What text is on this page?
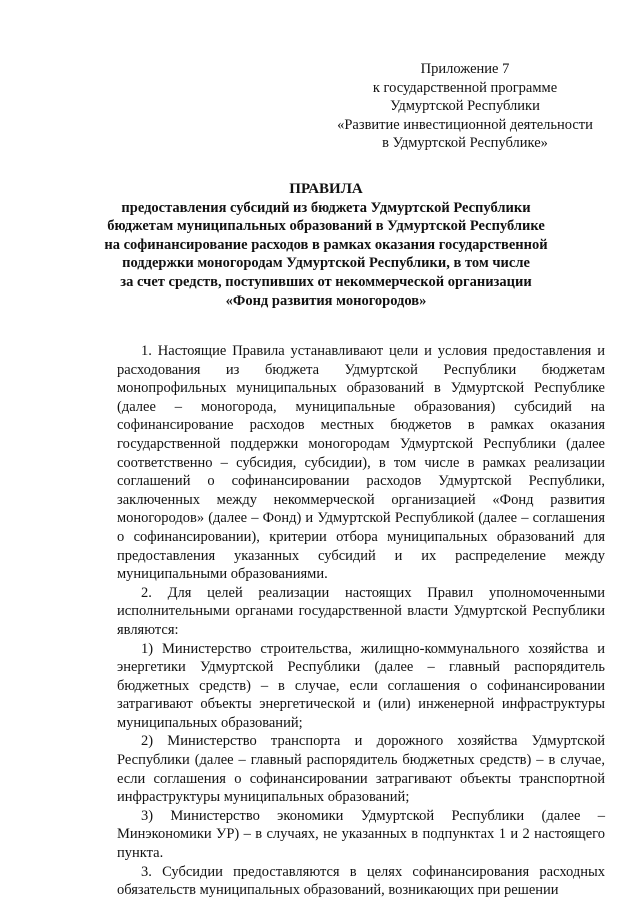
Приложение 7
к государственной программе
Удмуртской Республики
«Развитие инвестиционной деятельности
в Удмуртской Республике»
ПРАВИЛА
предоставления субсидий из бюджета Удмуртской Республики
бюджетам муниципальных образований в Удмуртской Республике
на софинансирование расходов в рамках оказания государственной
поддержки моногородам Удмуртской Республики, в том числе
за счет средств, поступивших от некоммерческой организации
«Фонд развития моногородов»

1. Настоящие Правила устанавливают цели и условия предоставления и расходования из бюджета Удмуртской Республики бюджетам монопрофильных муниципальных образований в Удмуртской Республике (далее – моногорода, муниципальные образования) субсидий на софинансирование расходов местных бюджетов в рамках оказания государственной поддержки моногородам Удмуртской Республики (далее соответственно – субсидия, субсидии), в том числе в рамках реализации соглашений о софинансировании расходов Удмуртской Республики, заключенных между некоммерческой организацией «Фонд развития моногородов» (далее – Фонд) и Удмуртской Республикой (далее – соглашения о софинансировании), критерии отбора муниципальных образований для предоставления указанных субсидий и их распределение между муниципальными образованиями.

2. Для целей реализации настоящих Правил уполномоченными исполнительными органами государственной власти Удмуртской Республики являются:

1) Министерство строительства, жилищно-коммунального хозяйства и энергетики Удмуртской Республики (далее – главный распорядитель бюджетных средств) – в случае, если соглашения о софинансировании затрагивают объекты энергетической и (или) инженерной инфраструктуры муниципальных образований;

2) Министерство транспорта и дорожного хозяйства Удмуртской Республики (далее – главный распорядитель бюджетных средств) – в случае, если соглашения о софинансировании затрагивают объекты транспортной инфраструктуры муниципальных образований;

3) Министерство экономики Удмуртской Республики (далее – Минэкономики УР) – в случаях, не указанных в подпунктах 1 и 2 настоящего пункта.

3. Субсидии предоставляются в целях софинансирования расходных обязательств муниципальных образований, возникающих при решении
